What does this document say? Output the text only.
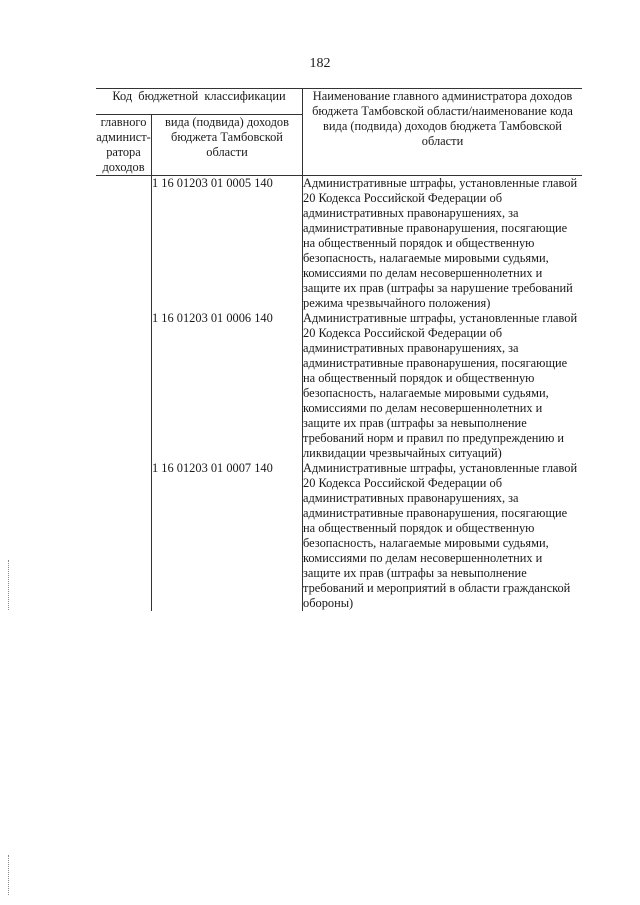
182
Код бюджетной классификации		Наименование главного администратора доходов бюджета Тамбовской области/наименование кода вида (подвида) доходов бюджета Тамбовской области
главного админист-ратора доходов	вида (подвида) доходов бюджета Тамбовской области	
	1 16 01203 01 0005 140	Административные штрафы, установленные главой 20 Кодекса Российской Федерации об административных правонарушениях, за административные правонарушения, посягающие на общественный порядок и общественную безопасность, налагаемые мировыми судьями, комиссиями по делам несовершеннолетних и защите их прав (штрафы за нарушение требований режима чрезвычайного положения)
	1 16 01203 01 0006 140	Административные штрафы, установленные главой 20 Кодекса Российской Федерации об административных правонарушениях, за административные правонарушения, посягающие на общественный порядок и общественную безопасность, налагаемые мировыми судьями, комиссиями по делам несовершеннолетних и защите их прав (штрафы за невыполнение требований норм и правил по предупреждению и ликвидации чрезвычайных ситуаций)
	1 16 01203 01 0007 140	Административные штрафы, установленные главой 20 Кодекса Российской Федерации об административных правонарушениях, за административные правонарушения, посягающие на общественный порядок и общественную безопасность, налагаемые мировыми судьями, комиссиями по делам несовершеннолетних и защите их прав (штрафы за невыполнение требований и мероприятий в области гражданской обороны)
